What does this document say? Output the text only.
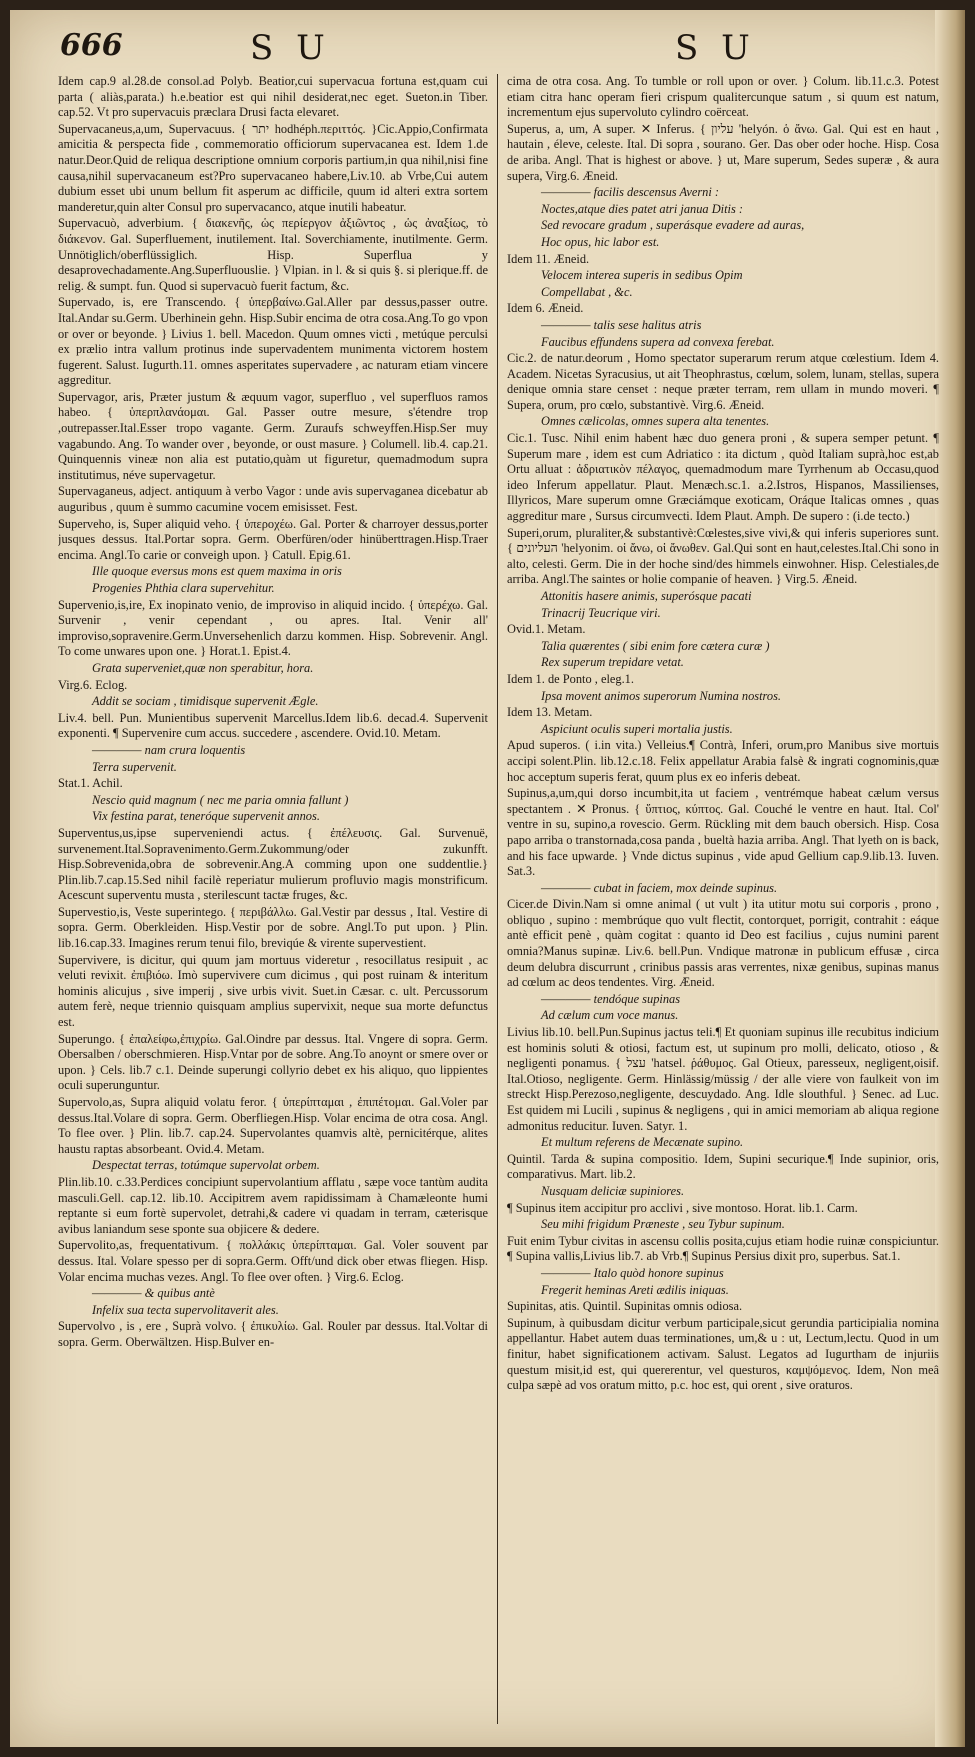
666	S U	S U

Idem cap.9 al.28.de consol.ad Polyb. Beatior,cui supervacua fortuna est,quam cui parta ( aliàs,parata.) h.e.beatior est qui nihil desiderat,nec eget. Sueton.in Tiber. cap.52. Vt pro supervacuis præclara Drusi facta elevaret.

Supervacaneus,a,um, Supervacuus. { ‫יתר‬ hodhéph.περιττός. }Cic.Appio,Confirmata amicitia & perspecta fide , commemoratio officiorum supervacanea est. Idem 1.de natur.Deor.Quid de reliqua descriptione omnium corporis partium,in qua nihil,nisi fine causa,nihil supervacaneum est?Pro supervacaneo habere,Liv.10. ab Vrbe,Cui autem dubium esset ubi unum bellum fit asperum ac difficile, quum id alteri extra sortem manderetur,quin alter Consul pro supervacanco, atque inutili habeatur.

Supervacuò, adverbium. { διακενῆς, ὡς περίεργον ἀξιῶντος , ὡς ἀναξίως, τὸ διάκενον. Gal. Superfluement, inutilement. Ital. Soverchiamente, inutilmente. Germ. Unnötiglich/oberflüssiglich. Hisp. Superflua y desaprovechadamente.Ang.Superfluouslie. } Vlpian. in l. & si quis §. si plerique.ff. de relig. & sumpt. fun. Quod si supervacuò fuerit factum, &c.

Supervado, is, ere Transcendo. { ὑπερβαίνω.Gal.Aller par dessus,passer outre. Ital.Andar su.Germ. Uberhinein gehn. Hisp.Subir encima de otra cosa.Ang.To go vpon or over or beyonde. } Livius 1. bell. Macedon. Quum omnes victi , metúque perculsi ex prælio intra vallum protinus inde supervadentem munimenta victorem hostem fugerent. Salust. Iugurth.11. omnes asperitates supervadere , ac naturam etiam vincere aggreditur.

Supervagor, aris, Præter justum & æquum vagor, superfluo , vel superfluos ramos habeo. { ὑπερπλανάομαι. Gal. Passer outre mesure, s'étendre trop ,outrepasser.Ital.Esser tropo vagante. Germ. Zuraufs schweyffen.Hisp.Ser muy vagabundo. Ang. To wander over , beyonde, or oust masure. } Columell. lib.4. cap.21. Quinquennis vineæ non alia est putatio,quàm ut figuretur, quemadmodum supra institutimus, néve supervagetur.

Supervaganeus, adject. antiquum à verbo Vagor : unde avis supervaganea dicebatur ab auguribus , quum è summo cacumine vocem emisisset. Fest.

Superveho, is, Super aliquid veho. { ὑπεροχέω. Gal. Porter & charroyer dessus,porter jusques dessus. Ital.Portar sopra. Germ. Oberfüren/oder hinüberttragen.Hisp.Traer encima. Angl.To carie or conveigh upon. } Catull. Epig.61.

Ille quoque eversus mons est quem maxima in oris

Progenies Phthia clara supervehitur.

Supervenio,is,ire, Ex inopinato venio, de improviso in aliquid incido. { ὑπερέχω. Gal. Survenir , venir cependant , ou apres. Ital. Venir all' improviso,sopravenire.Germ.Unversehenlich darzu kommen. Hisp. Sobrevenir. Angl. To come unwares upon one. } Horat.1. Epist.4.

Grata superveniet,quæ non sperabitur, hora.

Virg.6. Eclog.

Addit se sociam , timidisque supervenit Ægle.

Liv.4. bell. Pun. Munientibus supervenit Marcellus.Idem lib.6. decad.4. Supervenit exponenti. ¶ Supervenire cum accus. succedere , ascendere. Ovid.10. Metam.

―――― nam crura loquentis

Terra supervenit.

Stat.1. Achil.

Nescio quid magnum ( nec me paria omnia fallunt )

Vix festina parat, teneróque supervenit annos.

Superventus,us,ipse superveniendi actus. { ἐπέλευσις. Gal. Survenuë, survenement.Ital.Sopravenimento.Germ.Zukommung/oder zukunfft. Hisp.Sobrevenida,obra de sobrevenir.Ang.A comming upon one suddentlie.} Plin.lib.7.cap.15.Sed nihil facilè reperiatur mulierum profluvio magis monstrificum. Acescunt superventu musta , sterilescunt tactæ fruges, &c.

Supervestio,is, Veste superintego. { περιβάλλω. Gal.Vestir par dessus , Ital. Vestire di sopra. Germ. Oberkleiden. Hisp.Vestir por de sobre. Angl.To put upon. } Plin. lib.16.cap.33. Imagines rerum tenui filo, breviqúe & virente supervestient.

Supervivere, is dicitur, qui quum jam mortuus videretur , resocillatus resipuit , ac veluti revixit. ἐπιβιόω. Imò supervivere cum dicimus , qui post ruinam & interitum hominis alicujus , sive imperij , sive urbis vivit. Suet.in Cæsar. c. ult. Percussorum autem ferè, neque triennio quisquam amplius supervixit, neque sua morte defunctus est.

Superungo. { ἐπαλείφω,ἐπιχρίω. Gal.Oindre par dessus. Ital. Vngere di sopra. Germ. Obersalben / oberschmieren. Hisp.Vntar por de sobre. Ang.To anoynt or smere over or upon. } Cels. lib.7 c.1. Deinde superungi collyrio debet ex his aliquo, quo lippientes oculi superunguntur.

Supervolo,as, Supra aliquid volatu feror. { ὑπερίπταμαι , ἐπιπέτομαι. Gal.Voler par dessus.Ital.Volare di sopra. Germ. Oberfliegen.Hisp. Volar encima de otra cosa. Angl. To flee over. } Plin. lib.7. cap.24. Supervolantes quamvis altè, pernicitérque, alites haustu raptas absorbeant. Ovid.4. Metam.

Despectat terras, totúmque supervolat orbem.

Plin.lib.10. c.33.Perdices concipiunt supervolantium afflatu , sæpe voce tantùm audita masculi.Gell. cap.12. lib.10. Accipitrem avem rapidissimam à Chamæleonte humi reptante si eum fortè supervolet, detrahi,& cadere vi quadam in terram, cæterisque avibus laniandum sese sponte sua objicere & dedere.

Supervolito,as, frequentativum. { πολλάκις ὑπερίπταμαι. Gal. Voler souvent par dessus. Ital. Volare spesso per di sopra.Germ. Offt/und dick ober etwas fliegen. Hisp. Volar encima muchas vezes. Angl. To flee over often. } Virg.6. Eclog.

―――― & quibus antè

Infelix sua tecta supervolitaverit ales.

Supervolvo , is , ere , Suprà volvo. { ἐπικυλίω. Gal. Rouler par dessus. Ital.Voltar di sopra. Germ. Oberwältzen. Hisp.Bulver en-

cima de otra cosa. Ang. To tumble or roll upon or over. } Colum. lib.11.c.3. Potest etiam citra hanc operam fieri crispum qualitercunque satum , si quum est natum, incrementum ejus supervoluto cylindro coërceat.

Superus, a, um, A super. ✕ Inferus. { ‫עליון‬ 'helyón. ὁ ἄνω. Gal. Qui est en haut , hautain , éleve, celeste. Ital. Di sopra , sourano. Ger. Das ober oder hoche. Hisp. Cosa de ariba. Angl. That is highest or above. } ut, Mare superum, Sedes superæ , & aura supera, Virg.6. Æneid.

―――― facilis descensus Averni :

Noctes,atque dies patet atri janua Ditis :

Sed revocare gradum , superásque evadere ad auras,

Hoc opus, hic labor est.

Idem 11. Æneid.

Velocem interea superis in sedibus Opim

Compellabat , &c.

Idem 6. Æneid.

―――― talis sese halitus atris

Faucibus effundens supera ad convexa ferebat.

Cic.2. de natur.deorum , Homo spectator superarum rerum atque cœlestium. Idem 4. Academ. Nicetas Syracusius, ut ait Theophrastus, cœlum, solem, lunam, stellas, supera denique omnia stare censet : neque præter terram, rem ullam in mundo moveri. ¶ Supera, orum, pro cœlo, substantivè. Virg.6. Æneid.

Omnes cælicolas, omnes supera alta tenentes.

Cic.1. Tusc. Nihil enim habent hæc duo genera proni , & supera semper petunt. ¶ Superum mare , idem est cum Adriatico : ita dictum , quòd Italiam suprà,hoc est,ab Ortu alluat : ἀδριατικὸν πέλαγος, quemadmodum mare Tyrrhenum ab Occasu,quod ideo Inferum appellatur. Plaut. Menæch.sc.1. a.2.Istros, Hispanos, Massilienses, Illyricos, Mare superum omne Græciámque exoticam, Oráque Italicas omnes , quas aggreditur mare , Sursus circumvecti. Idem Plaut. Amph. De supero : (i.de tecto.)

Superi,orum, pluraliter,& substantivè:Cœlestes,sive vivi,& qui inferis superiores sunt. { ‫העליונים‬ 'helyonim. οἱ ἄνω, οἱ ἄνωθεν. Gal.Qui sont en haut,celestes.Ital.Chi sono in alto, celesti. Germ. Die in der hoche sind/des himmels einwohner. Hisp. Celestiales,de arriba. Angl.The saintes or holie companie of heaven. } Virg.5. Æneid.

Attonitis hasere animis, superósque pacati

Trinacrij Teucrique viri.

Ovid.1. Metam.

Talia quærentes ( sibi enim fore cætera curæ )

Rex superum trepidare vetat.

Idem 1. de Ponto , eleg.1.

Ipsa movent animos superorum Numina nostros.

Idem 13. Metam.

Aspiciunt oculis superi mortalia justis.

Apud superos. ( i.in vita.) Velleius.¶ Contrà, Inferi, orum,pro Manibus sive mortuis accipi solent.Plin. lib.12.c.18. Felix appellatur Arabia falsè & ingrati cognominis,quæ hoc acceptum superis ferat, quum plus ex eo inferis debeat.

Supinus,a,um,qui dorso incumbit,ita ut faciem , ventrémque habeat cælum versus spectantem . ✕ Pronus. { ὕπτιος, κύπτος. Gal. Couché le ventre en haut. Ital. Col' ventre in su, supino,a rovescio. Germ. Rückling mit dem bauch obersich. Hisp. Cosa papo arriba o transtornada,cosa panda , bueltà hazia arriba. Angl. That lyeth on is back, and his face upwarde. } Vnde dictus supinus , vide apud Gellium cap.9.lib.13. Iuven. Sat.3.

―――― cubat in faciem, mox deinde supinus.

Cicer.de Divin.Nam si omne animal ( ut vult ) ita utitur motu sui corporis , prono , obliquo , supino : membrúque quo vult flectit, contorquet, porrigit, contrahit : eáque antè efficit penè , quàm cogitat : quanto id Deo est facilius , cujus numini parent omnia?Manus supinæ. Liv.6. bell.Pun. Vndique matronæ in publicum effusæ , circa deum delubra discurrunt , crinibus passis aras verrentes, nixæ genibus, supinas manus ad cœlum ac deos tendentes. Virg. Æneid.

―――― tendóque supinas

Ad cælum cum voce manus.

Livius lib.10. bell.Pun.Supinus jactus teli.¶ Et quoniam supinus ille recubitus indicium est hominis soluti & otiosi, factum est, ut supinum pro molli, delicato, otioso , & negligenti ponamus. { ‫עצל‬ 'hatsel. ῥάθυμος. Gal Otieux, paresseux, negligent,oisif. Ital.Otioso, negligente. Germ. Hinlässig/müssig / der alle viere von faulkeit von im streckt Hisp.Perezoso,negligente, descuydado. Ang. Idle slouthful. } Senec. ad Luc. Est quidem mi Lucili , supinus & negligens , qui in amici memoriam ab aliqua regione admonitus reducitur. Iuven. Satyr. 1.

Et multum referens de Mecænate supino.

Quintil. Tarda & supina compositio. Idem, Supini securique.¶ Inde supinior, oris, comparativus. Mart. lib.2.

Nusquam deliciæ supiniores.

¶ Supinus item accipitur pro acclivi , sive montoso. Horat. lib.1. Carm.

Seu mihi frigidum Præneste , seu Tybur supinum.

Fuit enim Tybur civitas in ascensu collis posita,cujus etiam hodie ruinæ conspiciuntur. ¶ Supina vallis,Livius lib.7. ab Vrb.¶ Supinus Persius dixit pro, superbus. Sat.1.

―――― Italo quòd honore supinus

Fregerit heminas Areti ædilis iniquas.

Supinitas, atis. Quintil. Supinitas omnis odiosa.

Supinum, à quibusdam dicitur verbum participale,sicut gerundia participialia nomina appellantur. Habet autem duas terminationes, um,& u : ut, Lectum,lectu. Quod in um finitur, habet significationem activam. Salust. Legatos ad Iugurtham de injuriis questum misit,id est, qui quererentur, vel questuros, καμψόμενος. Idem, Non meâ culpa sæpè ad vos oratum mitto, p.c. hoc est, qui orent , sive oraturos.
